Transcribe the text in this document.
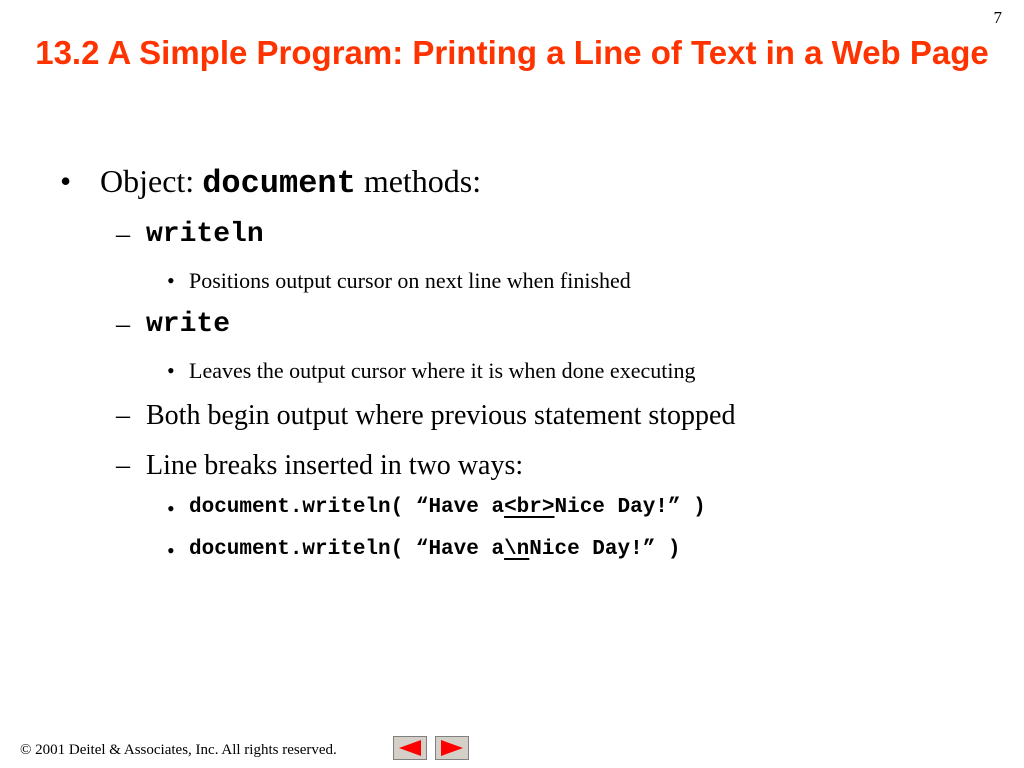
7
13.2 A Simple Program: Printing a Line of Text in a Web Page
• Object: document methods:
– writeln
• Positions output cursor on next line when finished
– write
• Leaves the output cursor where it is when done executing
– Both begin output where previous statement stopped
– Line breaks inserted in two ways:
• document.writeln( “Have a<br>Nice Day!” )
• document.writeln( “Have a\nNice Day!” )
© 2001 Deitel & Associates, Inc. All rights reserved.
